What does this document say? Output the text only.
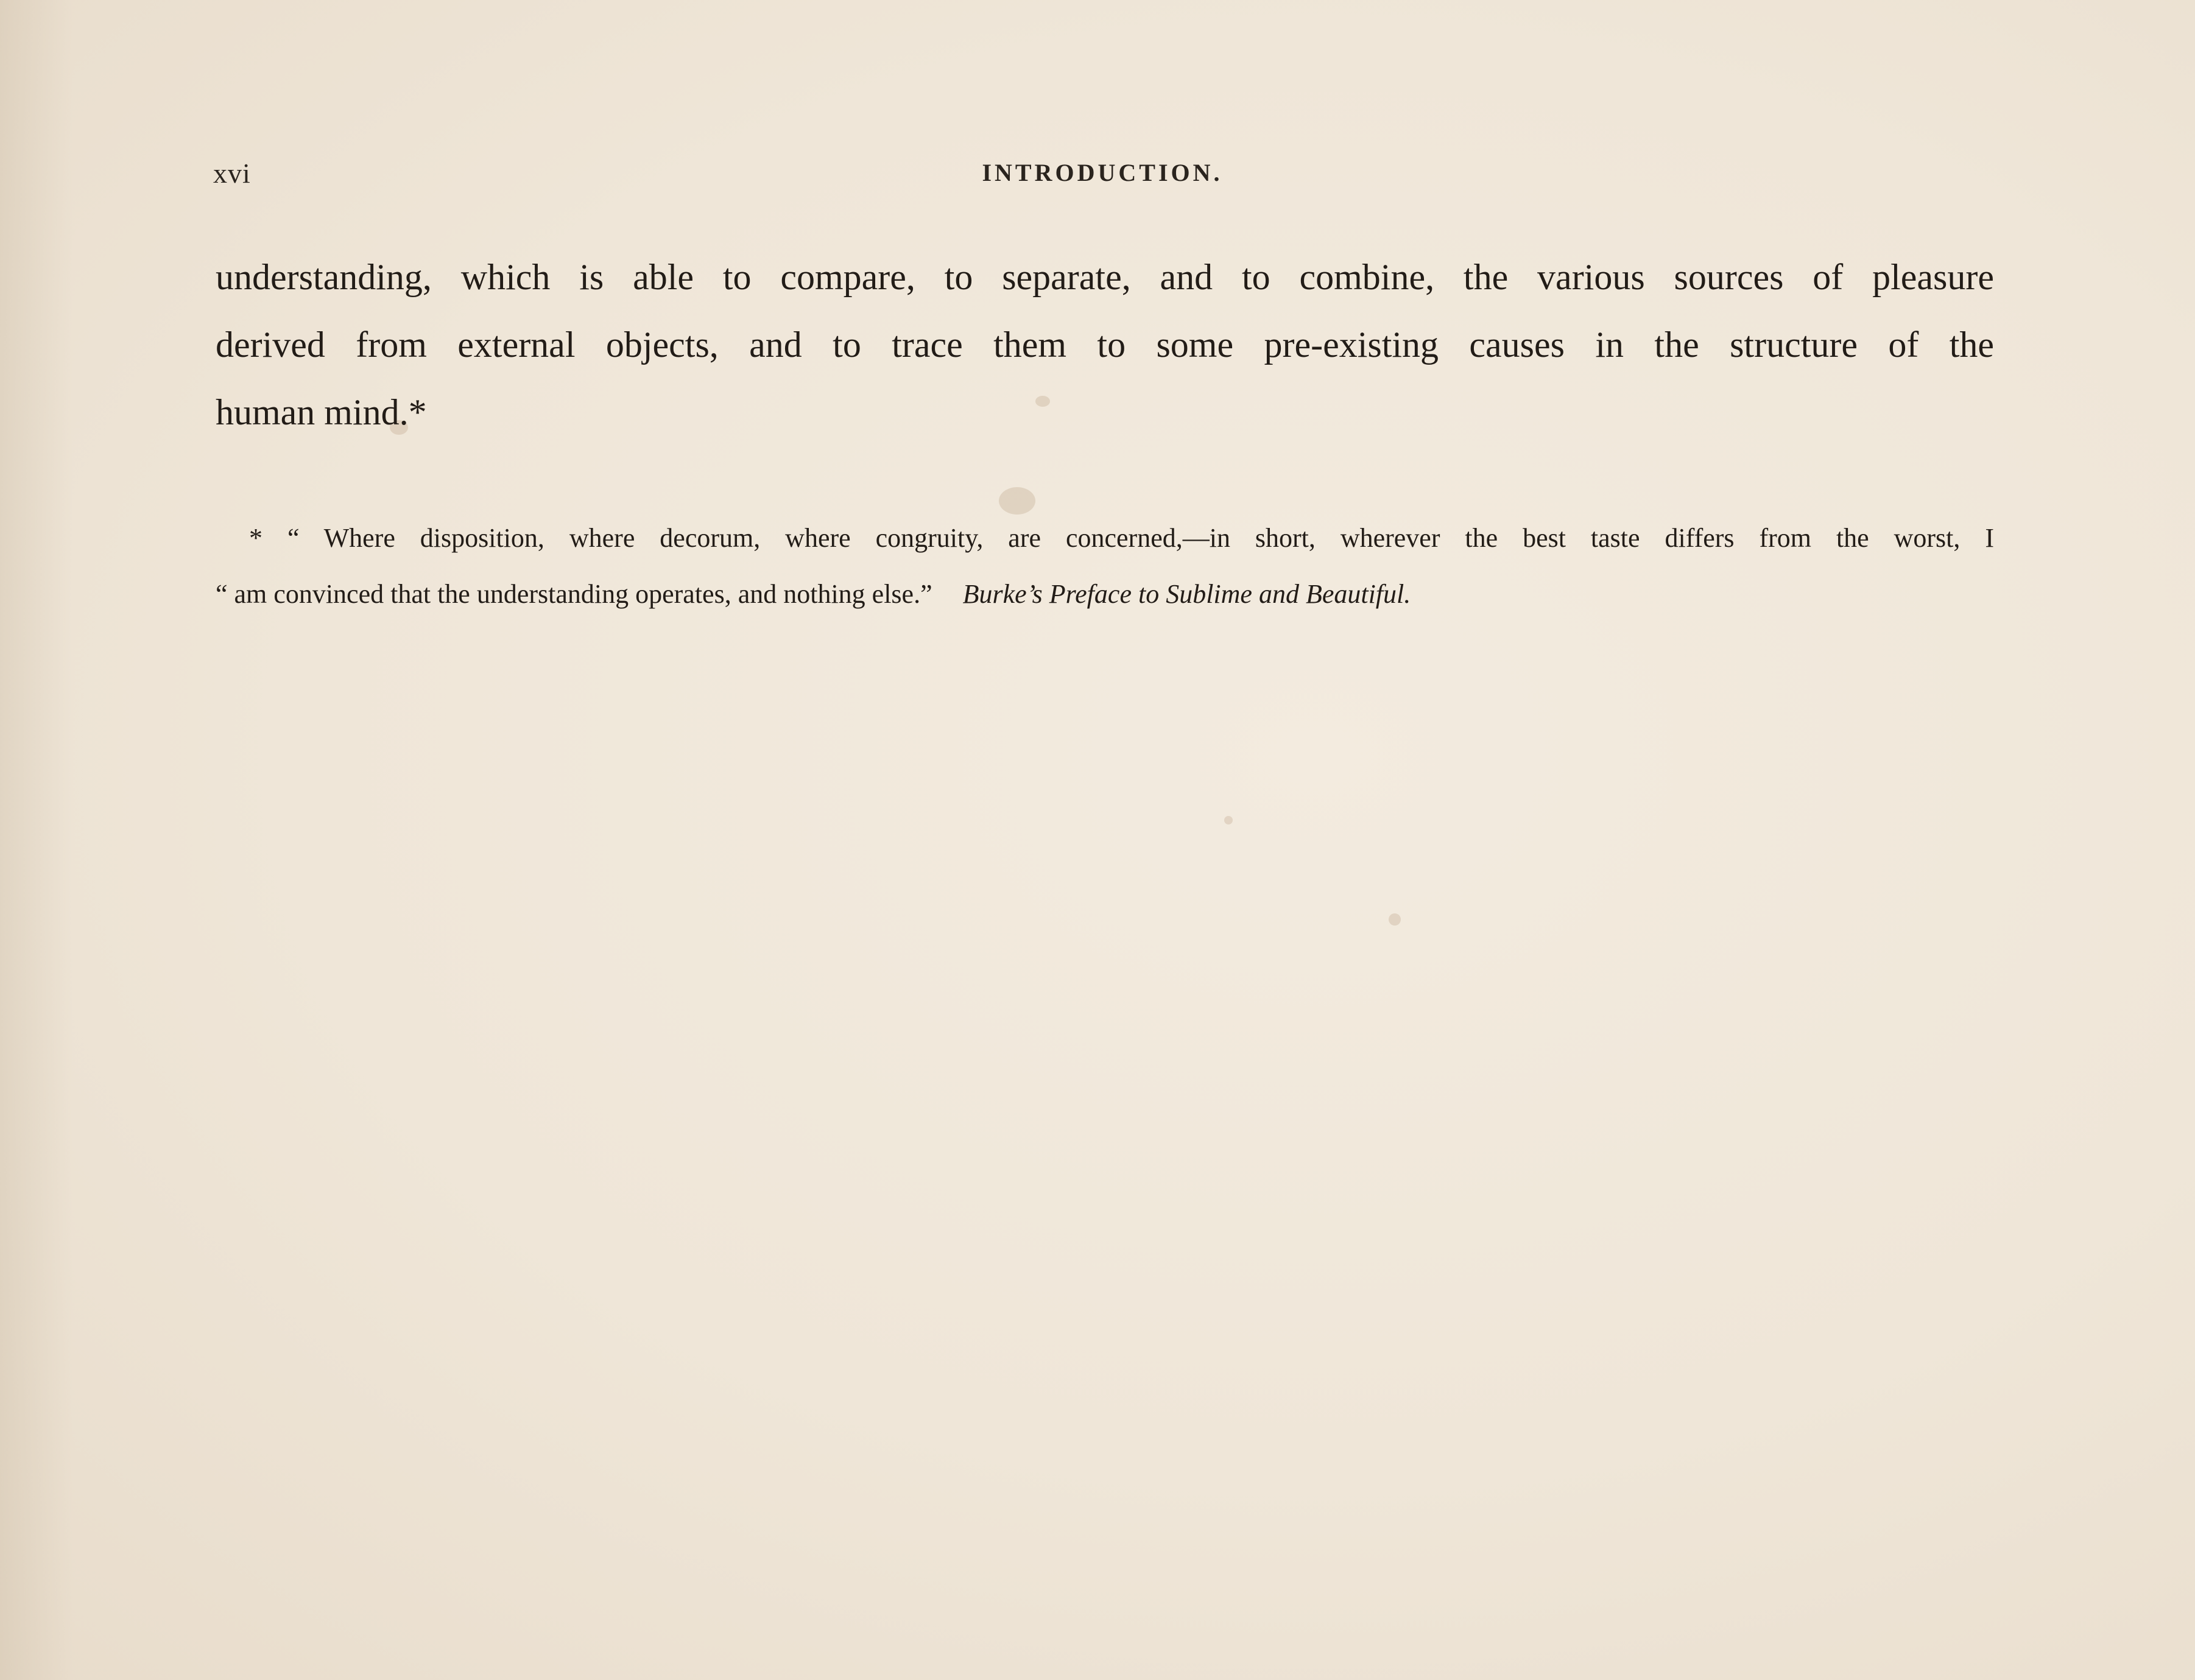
xvi	INTRODUCTION.
understanding, which is able to compare, to separate, and to combine, the various sources of pleasure
derived from external objects, and to trace them to some pre-existing causes in the structure of the
human mind.*
* “ Where disposition, where decorum, where congruity, are concerned,—in short, wherever the best taste differs from the worst, I
“ am convinced that the understanding operates, and nothing else.” Burke’s Preface to Sublime and Beautiful.
